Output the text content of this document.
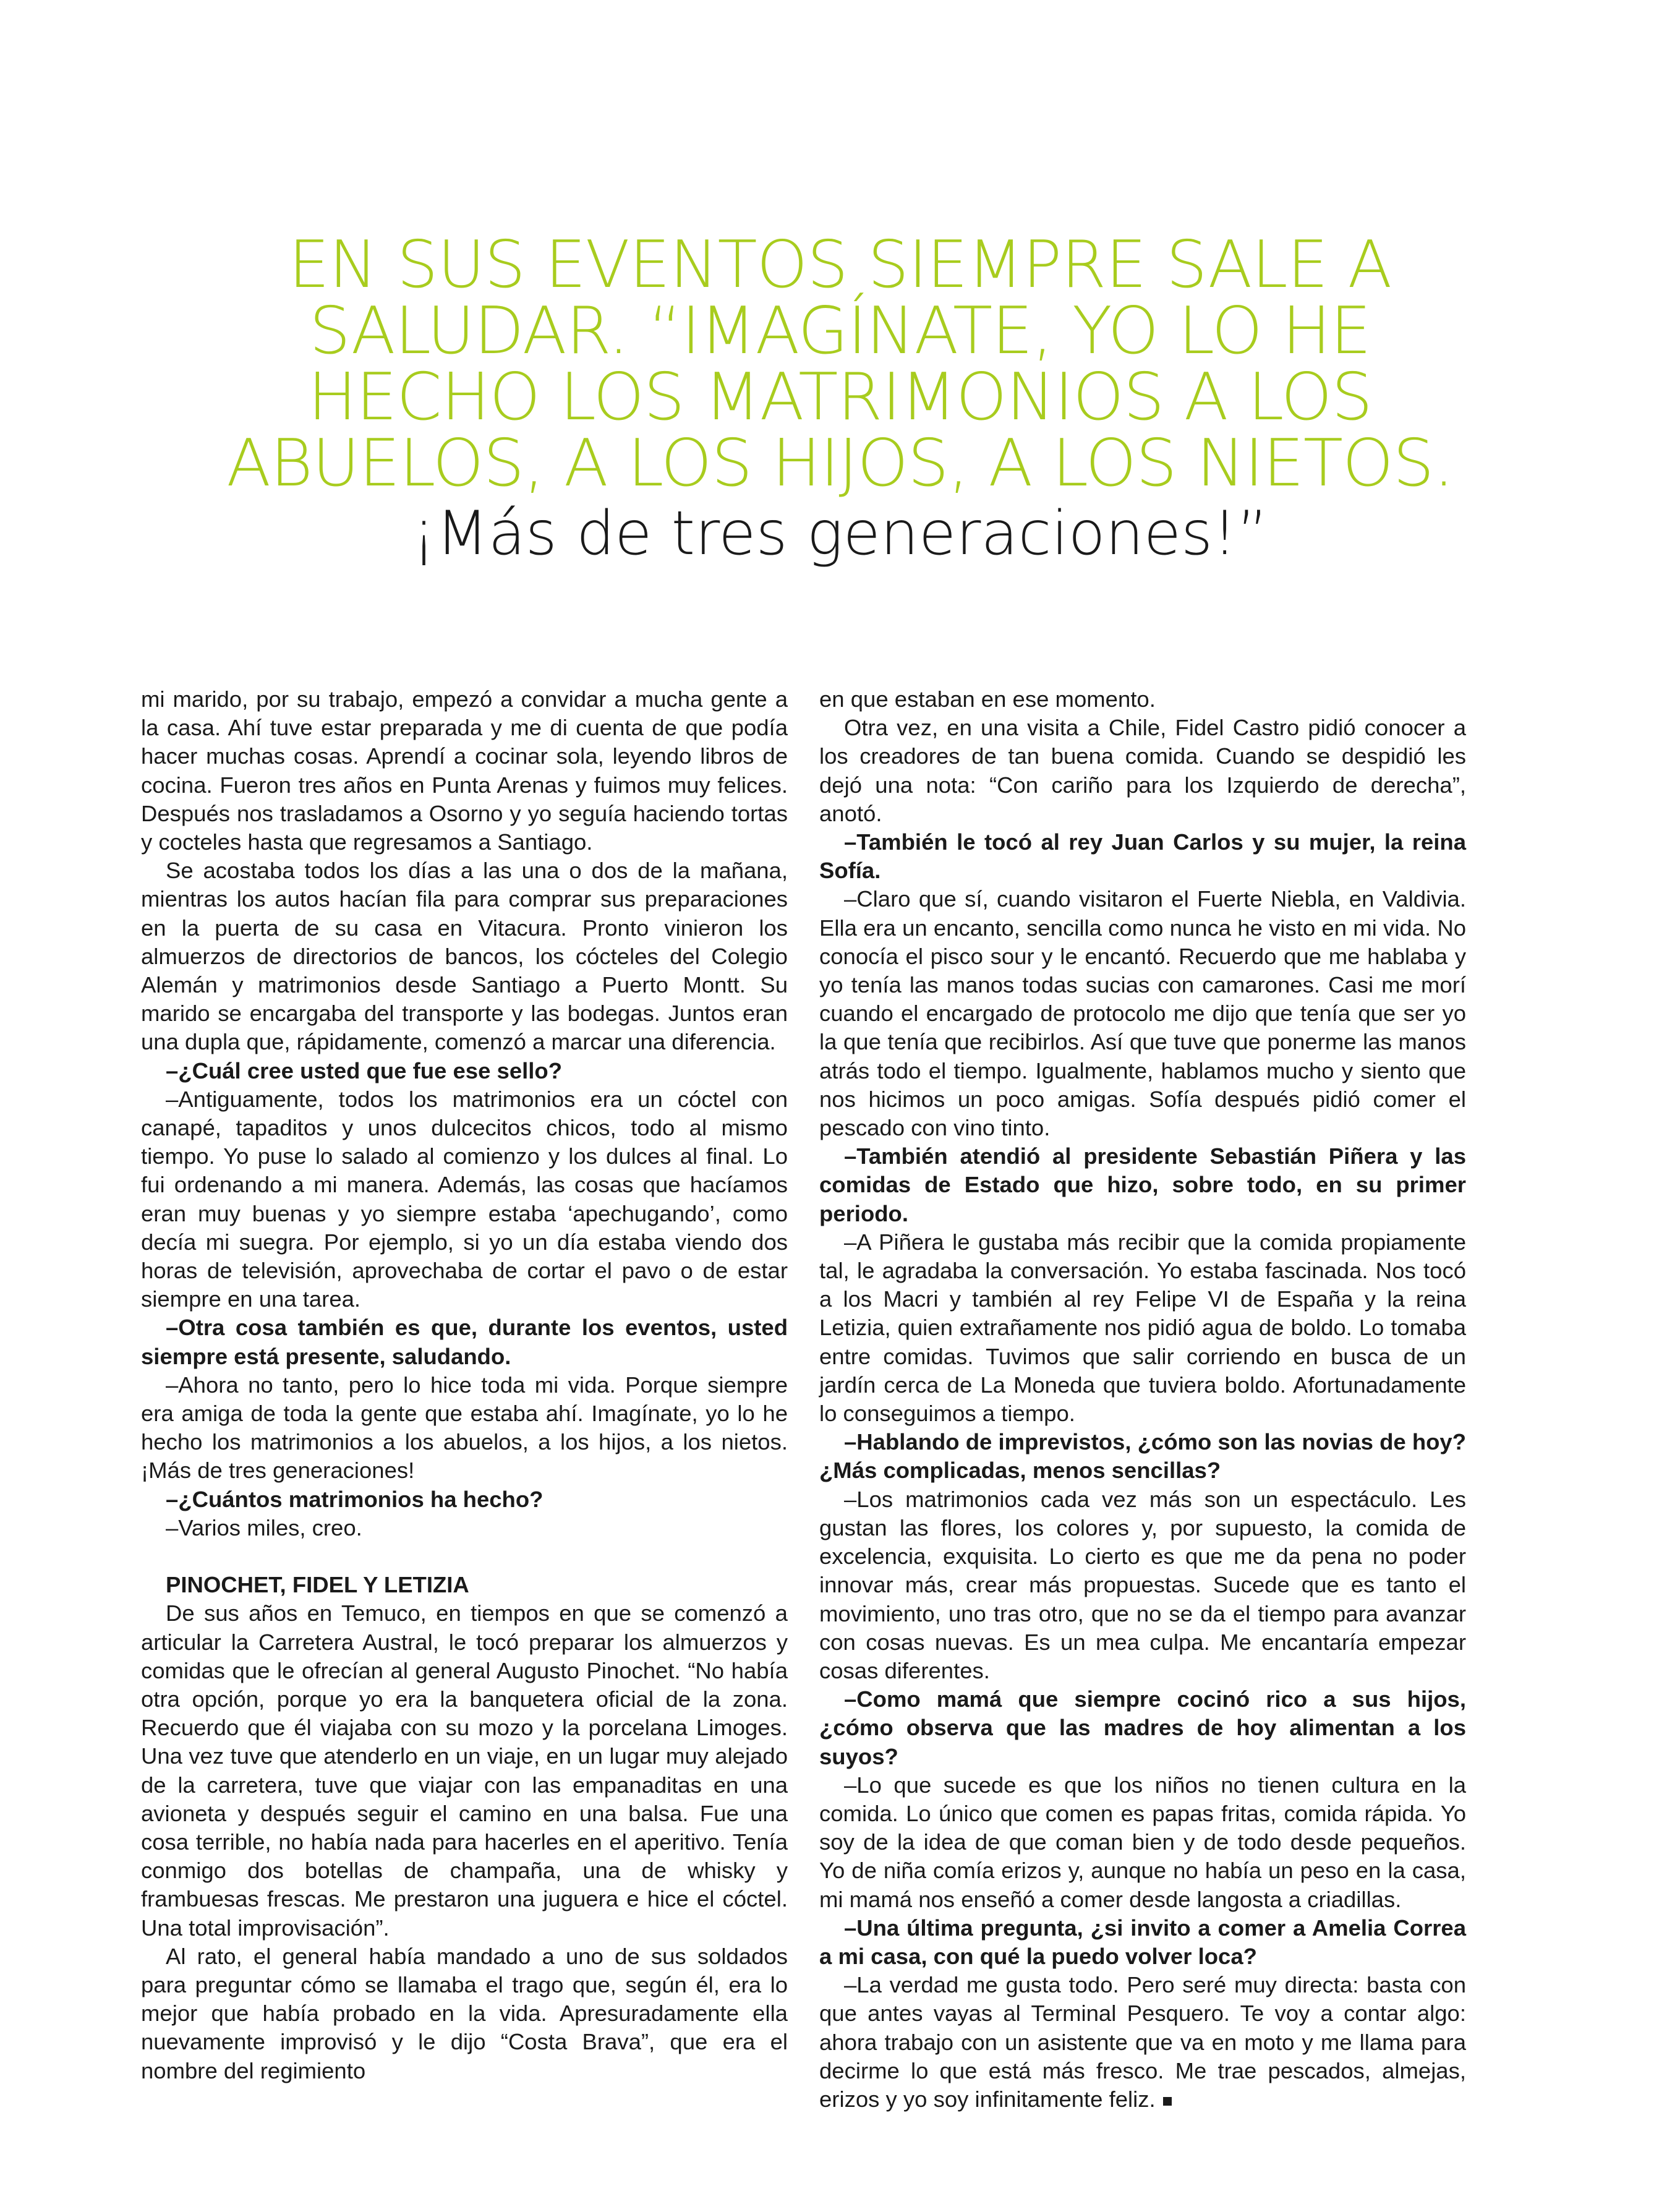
EN SUS EVENTOS SIEMPRE SALE A

SALUDAR. “IMAGÍNATE, YO LO HE

HECHO LOS MATRIMONIOS A LOS

ABUELOS, A LOS HIJOS, A LOS NIETOS.

¡Más de tres generaciones!”

mi marido, por su trabajo, empezó a convidar a mucha gente a la casa. Ahí tuve estar preparada y me di cuenta de que podía hacer muchas cosas. Aprendí a cocinar sola, leyendo libros de cocina. Fueron tres años en Punta Arenas y fuimos muy felices. Después nos trasladamos a Osorno y yo seguía haciendo tortas y cocteles hasta que regresamos a Santiago.

Se acostaba todos los días a las una o dos de la mañana, mientras los autos hacían fila para comprar sus preparaciones en la puerta de su casa en Vitacura. Pronto vinieron los almuerzos de directorios de bancos, los cócteles del Colegio Alemán y matrimonios desde Santiago a Puerto Montt. Su marido se encargaba del transporte y las bodegas. Juntos eran una dupla que, rápidamente, comenzó a marcar una diferencia.

–¿Cuál cree usted que fue ese sello?

–Antiguamente, todos los matrimonios era un cóctel con canapé, tapaditos y unos dulcecitos chicos, todo al mismo tiempo. Yo puse lo salado al comienzo y los dulces al final. Lo fui ordenando a mi manera. Además, las cosas que hacíamos eran muy buenas y yo siempre estaba ‘apechugando’, como decía mi suegra. Por ejemplo, si yo un día estaba viendo dos horas de televisión, aprovechaba de cortar el pavo o de estar siempre en una tarea.

–Otra cosa también es que, durante los eventos, usted siempre está presente, saludando.

–Ahora no tanto, pero lo hice toda mi vida. Porque siempre era amiga de toda la gente que estaba ahí. Imagínate, yo lo he hecho los matrimonios a los abuelos, a los hijos, a los nietos. ¡Más de tres generaciones!

–¿Cuántos matrimonios ha hecho?

–Varios miles, creo.

PINOCHET, FIDEL Y LETIZIA

De sus años en Temuco, en tiempos en que se comenzó a articular la Carretera Austral, le tocó preparar los almuerzos y comidas que le ofrecían al general Augusto Pinochet. “No había otra opción, porque yo era la banquetera oficial de la zona. Recuerdo que él viajaba con su mozo y la porcelana Limoges. Una vez tuve que atenderlo en un viaje, en un lugar muy alejado de la carretera, tuve que viajar con las empanaditas en una avioneta y después seguir el camino en una balsa. Fue una cosa terrible, no había nada para hacerles en el aperitivo. Tenía conmigo dos botellas de champaña, una de whisky y frambuesas frescas. Me prestaron una juguera e hice el cóctel. Una total improvisación”.

Al rato, el general había mandado a uno de sus soldados para preguntar cómo se llamaba el trago que, según él, era lo mejor que había probado en la vida. Apresuradamente ella nuevamente improvisó y le dijo “Costa Brava”, que era el nombre del regimiento

en que estaban en ese momento.

Otra vez, en una visita a Chile, Fidel Castro pidió conocer a los creadores de tan buena comida. Cuando se despidió les dejó una nota: “Con cariño para los Izquierdo de derecha”, anotó.

–También le tocó al rey Juan Carlos y su mujer, la reina Sofía.

–Claro que sí, cuando visitaron el Fuerte Niebla, en Valdivia. Ella era un encanto, sencilla como nunca he visto en mi vida. No conocía el pisco sour y le encantó. Recuerdo que me hablaba y yo tenía las manos todas sucias con camarones. Casi me morí cuando el encargado de protocolo me dijo que tenía que ser yo la que tenía que recibirlos. Así que tuve que ponerme las manos atrás todo el tiempo. Igualmente, hablamos mucho y siento que nos hicimos un poco amigas. Sofía después pidió comer el pescado con vino tinto.

–También atendió al presidente Sebastián Piñera y las comidas de Estado que hizo, sobre todo, en su primer periodo.

–A Piñera le gustaba más recibir que la comida propiamente tal, le agradaba la conversación. Yo estaba fascinada. Nos tocó a los Macri y también al rey Felipe VI de España y la reina Letizia, quien extrañamente nos pidió agua de boldo. Lo tomaba entre comidas. Tuvimos que salir corriendo en busca de un jardín cerca de La Moneda que tuviera boldo. Afortunadamente lo conseguimos a tiempo.

–Hablando de imprevistos, ¿cómo son las novias de hoy? ¿Más complicadas, menos sencillas?

–Los matrimonios cada vez más son un espectáculo. Les gustan las flores, los colores y, por supuesto, la comida de excelencia, exquisita. Lo cierto es que me da pena no poder innovar más, crear más propuestas. Sucede que es tanto el movimiento, uno tras otro, que no se da el tiempo para avanzar con cosas nuevas. Es un mea culpa. Me encantaría empezar cosas diferentes.

–Como mamá que siempre cocinó rico a sus hijos, ¿cómo observa que las madres de hoy alimentan a los suyos?

–Lo que sucede es que los niños no tienen cultura en la comida. Lo único que comen es papas fritas, comida rápida. Yo soy de la idea de que coman bien y de todo desde pequeños. Yo de niña comía erizos y, aunque no había un peso en la casa, mi mamá nos enseñó a comer desde langosta a criadillas.

–Una última pregunta, ¿si invito a comer a Amelia Correa a mi casa, con qué la puedo volver loca?

–La verdad me gusta todo. Pero seré muy directa: basta con que antes vayas al Terminal Pesquero. Te voy a contar algo: ahora trabajo con un asistente que va en moto y me llama para decirme lo que está más fresco. Me trae pescados, almejas, erizos y yo soy infinitamente feliz.
